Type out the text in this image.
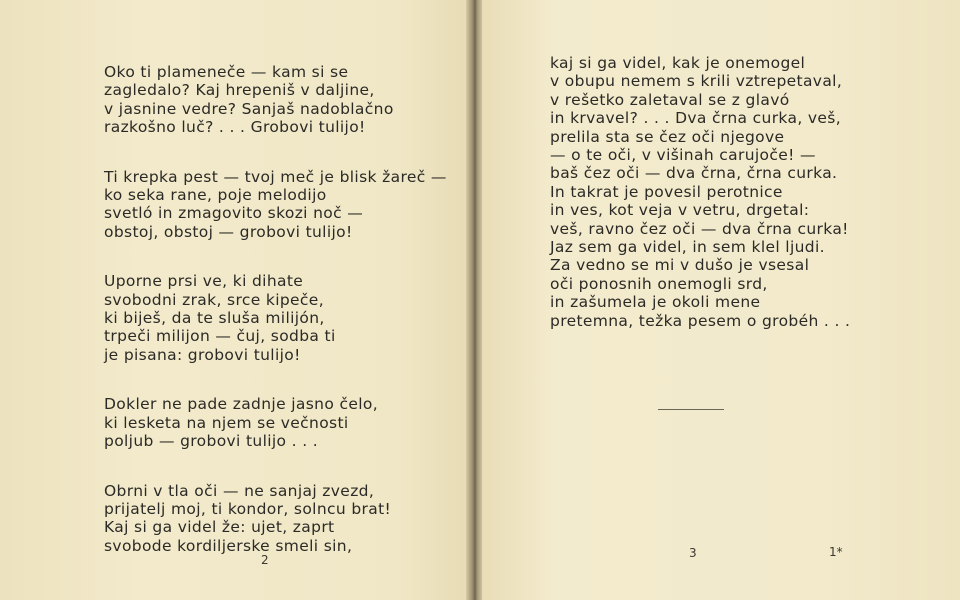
Oko ti plameneče — kam si se
zagledalo? Kaj hrepeniš v daljine,
v jasnine vedre? Sanjaš nadoblačno
razkošno luč? . . . Grobovi tulijo!
Ti krepka pest — tvoj meč je blisk žareč —
ko seka rane, poje melodijo
svetló in zmagovito skozi noč —
obstoj, obstoj — grobovi tulijo!
Uporne prsi ve, ki dihate
svobodni zrak, srce kipeče,
ki biješ, da te sluša milijón,
trpeči milijon — čuj, sodba ti
je pisana: grobovi tulijo!
Dokler ne pade zadnje jasno čelo,
ki lesketa na njem se večnosti
poljub — grobovi tulijo . . .
Obrni v tla oči — ne sanjaj zvezd,
prijatelj moj, ti kondor, solncu brat!
Kaj si ga videl že: ujet, zaprt
svobode kordiljerske smeli sin,
2
kaj si ga videl, kak je onemogel
v obupu nemem s krili vztrepetaval,
v rešetko zaletaval se z glavó
in krvavel? . . . Dva črna curka, veš,
prelila sta se čez oči njegove
— o te oči, v višinah carujoče! —
baš čez oči — dva črna, črna curka.
In takrat je povesil perotnice
in ves, kot veja v vetru, drgetal:
veš, ravno čez oči — dva črna curka!
Jaz sem ga videl, in sem klel ljudi.
Za vedno se mi v dušo je vsesal
oči ponosnih onemogli srd,
in zašumela je okoli mene
pretemna, težka pesem o grobéh . . .
3	1*
